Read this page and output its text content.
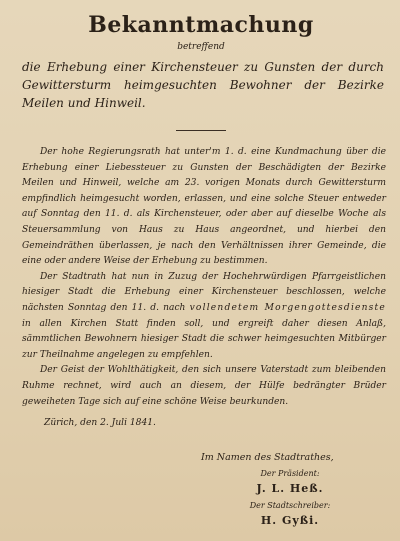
Bekanntmachung
betreffend
die Erhebung einer Kirchensteuer zu Gunsten der durch Gewittersturm heimgesuchten Bewohner der Bezirke Meilen und Hinweil.

Der hohe Regierungsrath hat unter'm 1. d. eine Kundmachung über die Erhebung einer Liebessteuer zu Gunsten der Beschädigten der Bezirke Meilen und Hinweil, welche am 23. vorigen Monats durch Gewittersturm empfindlich heimgesucht worden, erlassen, und eine solche Steuer entweder auf Sonntag den 11. d. als Kirchensteuer, oder aber auf dieselbe Woche als Steuersammlung von Haus zu Haus angeordnet, und hierbei den Gemeindräthen überlassen, je nach den Verhältnissen ihrer Gemeinde, die eine oder andere Weise der Erhebung zu bestimmen.

Der Stadtrath hat nun in Zuzug der Hochehrwürdigen Pfarrgeistlichen hiesiger Stadt die Erhebung einer Kirchensteuer beschlossen, welche nächsten Sonntag den 11. d. nach vollendetem Morgengottesdienste in allen Kirchen Statt finden soll, und ergreift daher diesen Anlaß, sämmtlichen Bewohnern hiesiger Stadt die schwer heimgesuchten Mitbürger zur Theilnahme angelegen zu empfehlen.

Der Geist der Wohlthätigkeit, den sich unsere Vaterstadt zum bleibenden Ruhme rechnet, wird auch an diesem, der Hülfe bedrängter Brüder geweiheten Tage sich auf eine schöne Weise beurkunden.

Zürich, den 2. Juli 1841.
Im Namen des Stadtrathes,
Der Präsident:
J. L. Heß.
Der Stadtschreiber:
H. Gyßi.
